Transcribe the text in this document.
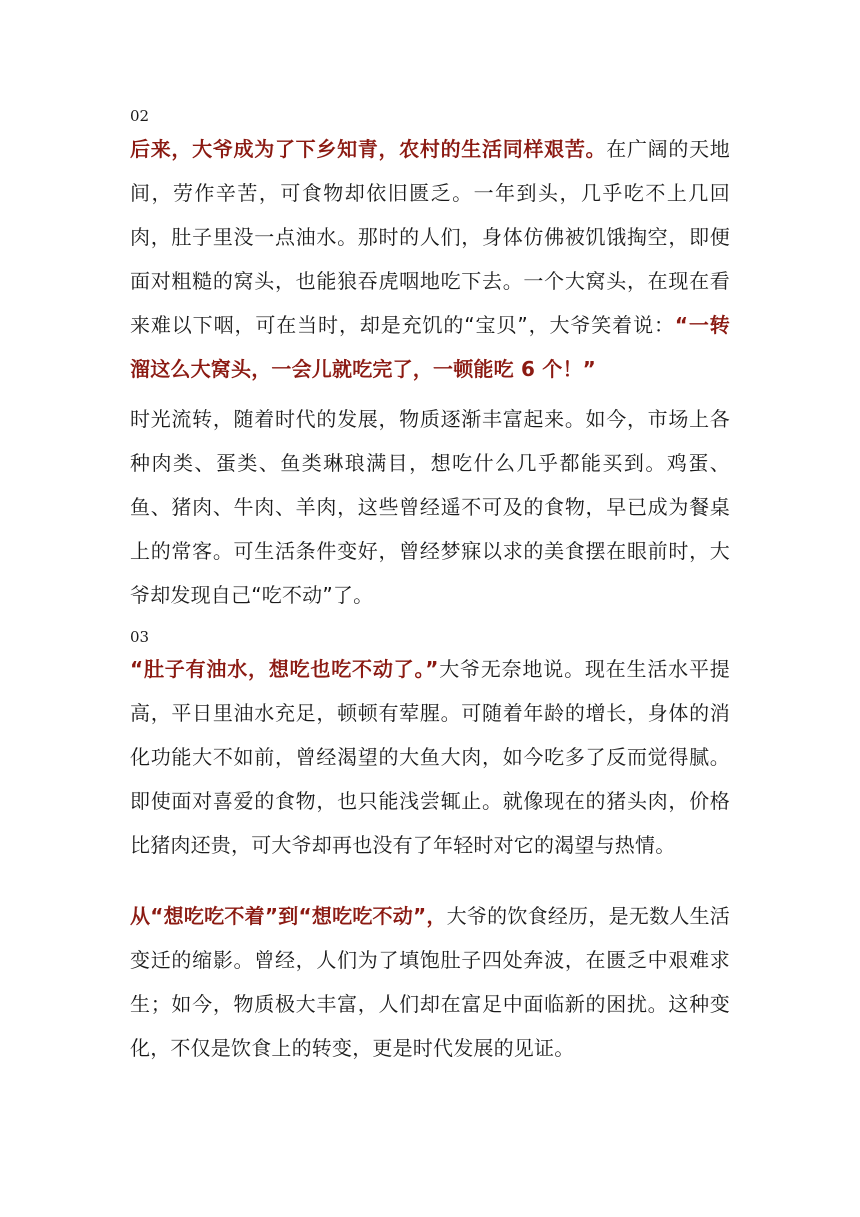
02

后来，大爷成为了下乡知青，农村的生活同样艰苦。在广阔的天地间，劳作辛苦，可食物却依旧匮乏。一年到头，几乎吃不上几回肉，肚子里没一点油水。那时的人们，身体仿佛被饥饿掏空，即便面对粗糙的窝头，也能狼吞虎咽地吃下去。一个大窝头，在现在看来难以下咽，可在当时，却是充饥的“宝贝”，大爷笑着说：“一转溜这么大窝头，一会儿就吃完了，一顿能吃 6 个！”

时光流转，随着时代的发展，物质逐渐丰富起来。如今，市场上各种肉类、蛋类、鱼类琳琅满目，想吃什么几乎都能买到。鸡蛋、鱼、猪肉、牛肉、羊肉，这些曾经遥不可及的食物，早已成为餐桌上的常客。可生活条件变好，曾经梦寐以求的美食摆在眼前时，大爷却发现自己“吃不动”了。

03

“肚子有油水，想吃也吃不动了。”大爷无奈地说。现在生活水平提高，平日里油水充足，顿顿有荤腥。可随着年龄的增长，身体的消化功能大不如前，曾经渴望的大鱼大肉，如今吃多了反而觉得腻。即使面对喜爱的食物，也只能浅尝辄止。就像现在的猪头肉，价格比猪肉还贵，可大爷却再也没有了年轻时对它的渴望与热情。

从“想吃吃不着”到“想吃吃不动”，大爷的饮食经历，是无数人生活变迁的缩影。曾经，人们为了填饱肚子四处奔波，在匮乏中艰难求生；如今，物质极大丰富，人们却在富足中面临新的困扰。这种变化，不仅是饮食上的转变，更是时代发展的见证。
